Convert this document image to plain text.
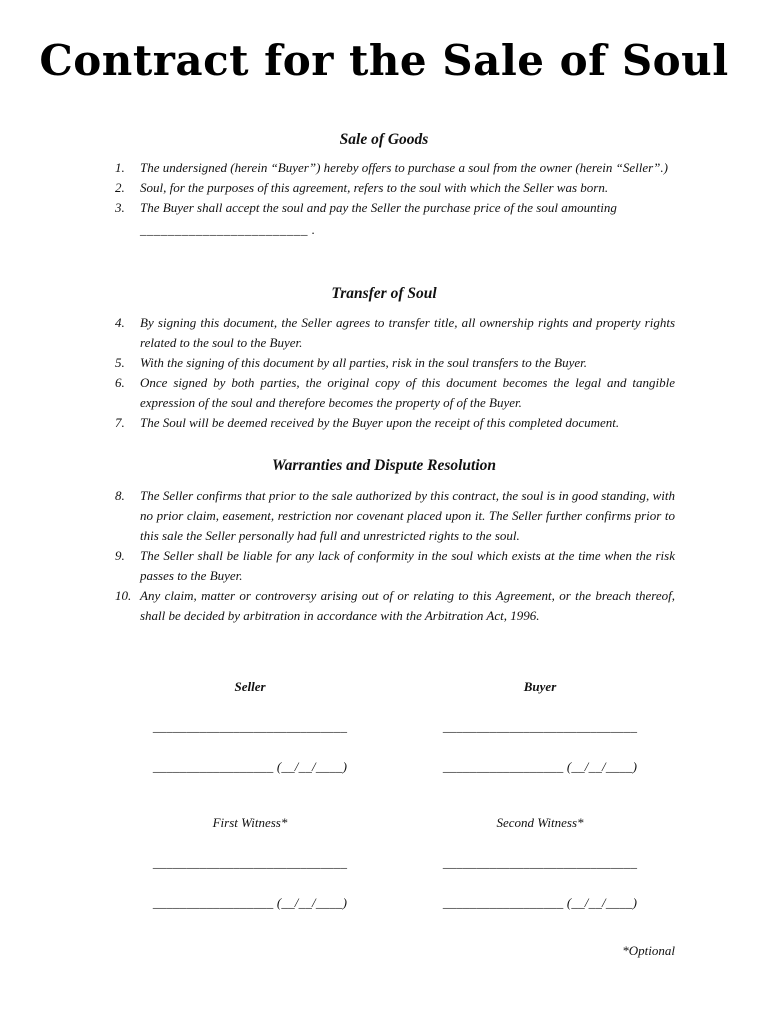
Contract for the Sale of Soul
Sale of Goods
1. The undersigned (herein “Buyer”) hereby offers to purchase a soul from the owner (herein “Seller”.)
2. Soul, for the purposes of this agreement, refers to the soul with which the Seller was born.
3. The Buyer shall accept the soul and pay the Seller the purchase price of the soul amounting
________________________ .
Transfer of Soul
4. By signing this document, the Seller agrees to transfer title, all ownership rights and property rights related to the soul to the Buyer.
5. With the signing of this document by all parties, risk in the soul transfers to the Buyer.
6. Once signed by both parties, the original copy of this document becomes the legal and tangible expression of the soul and therefore becomes the property of of the Buyer.
7. The Soul will be deemed received by the Buyer upon the receipt of this completed document.
Warranties and Dispute Resolution
8. The Seller confirms that prior to the sale authorized by this contract, the soul is in good standing, with no prior claim, easement, restriction nor covenant placed upon it. The Seller further confirms prior to this sale the Seller personally had full and unrestricted rights to the soul.
9. The Seller shall be liable for any lack of conformity in the soul which exists at the time when the risk passes to the Buyer.
10. Any claim, matter or controversy arising out of or relating to this Agreement, or the breach thereof, shall be decided by arbitration in accordance with the Arbitration Act, 1996.
Seller	Buyer
_____________________________	_____________________________
__________________ (__/__/____)	__________________ (__/__/____)
First Witness*	Second Witness*
_____________________________	_____________________________
__________________ (__/__/____)	__________________ (__/__/____)
*Optional
